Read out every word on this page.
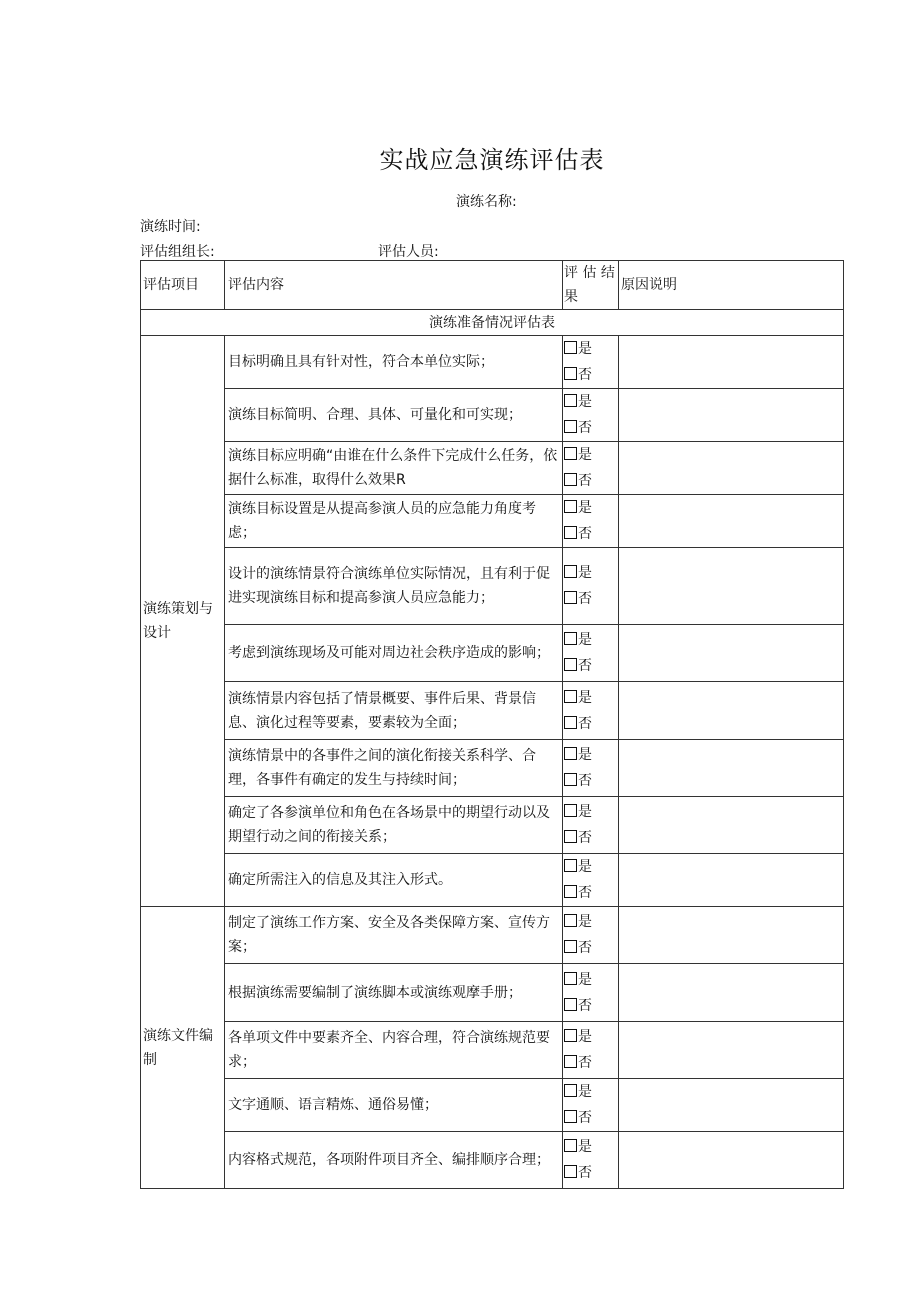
实战应急演练评估表
演练名称:
演练时间:
评估组组长:	评估人员:
评估项目	评估内容	评 估 结 果	原因说明
演练准备情况评估表			
演练策划与设计	目标明确且具有针对性，符合本单位实际；	是
否	

	演练目标简明、合理、具体、可量化和可实现；	是
否	

	演练目标应明确“由谁在什么条件下完成什么任务，依据什么标准，取得什么效果R	是
否	

	演练目标设置是从提高参演人员的应急能力角度考虑；	是
否	

	设计的演练情景符合演练单位实际情况，且有利于促进实现演练目标和提高参演人员应急能力；	是
否	

	考虑到演练现场及可能对周边社会秩序造成的影响；	是
否	

	演练情景内容包括了情景概要、事件后果、背景信息、演化过程等要素，要素较为全面；	是
否	

	演练情景中的各事件之间的演化衔接关系科学、合理，各事件有确定的发生与持续时间；	是
否	

	确定了各参演单位和角色在各场景中的期望行动以及期望行动之间的衔接关系；	是
否	

	确定所需注入的信息及其注入形式。	是
否	

演练文件编制	制定了演练工作方案、安全及各类保障方案、宣传方案；	是
否	

	根据演练需要编制了演练脚本或演练观摩手册；	是
否	

	各单项文件中要素齐全、内容合理，符合演练规范要求；	是
否	

	文字通顺、语言精炼、通俗易懂；	是
否	

	内容格式规范，各项附件项目齐全、编排顺序合理；	是
否	
